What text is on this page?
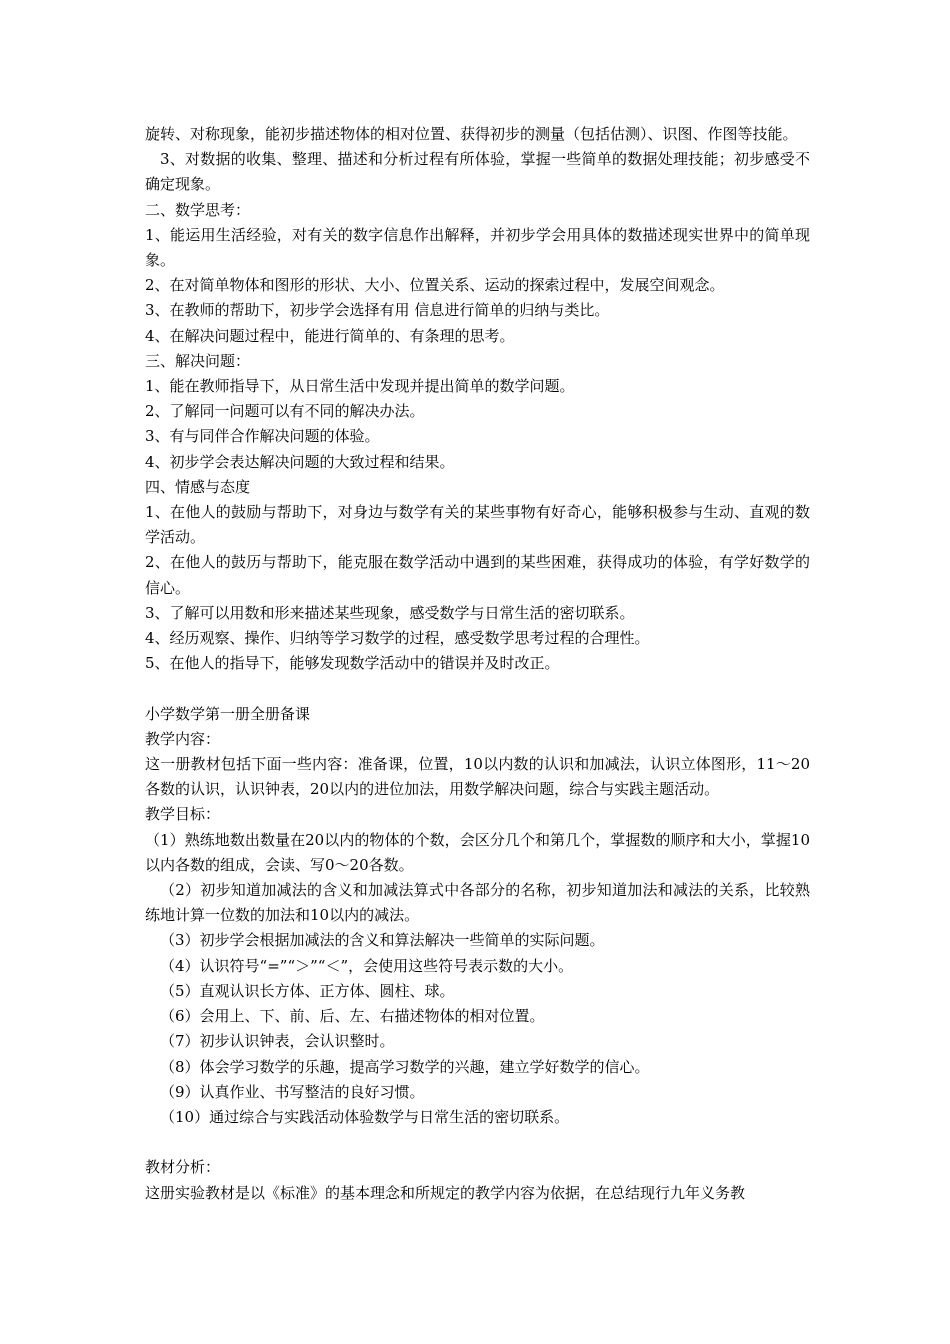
旋转、对称现象，能初步描述物体的相对位置、获得初步的测量（包括估测）、识图、作图等技能。

3、对数据的收集、整理、描述和分析过程有所体验，掌握一些简单的数据处理技能；初步感受不确定现象。

二、数学思考：

1、能运用生活经验，对有关的数字信息作出解释，并初步学会用具体的数描述现实世界中的简单现象。

2、在对简单物体和图形的形状、大小、位置关系、运动的探索过程中，发展空间观念。

3、在教师的帮助下，初步学会选择有用 信息进行简单的归纳与类比。

4、在解决问题过程中，能进行简单的、有条理的思考。

三、解决问题：

1、能在教师指导下，从日常生活中发现并提出简单的数学问题。

2、了解同一问题可以有不同的解决办法。

3、有与同伴合作解决问题的体验。

4、初步学会表达解决问题的大致过程和结果。

四、情感与态度

1、在他人的鼓励与帮助下，对身边与数学有关的某些事物有好奇心，能够积极参与生动、直观的数学活动。

2、在他人的鼓历与帮助下，能克服在数学活动中遇到的某些困难，获得成功的体验，有学好数学的信心。

3、了解可以用数和形来描述某些现象，感受数学与日常生活的密切联系。

4、经历观察、操作、归纳等学习数学的过程，感受数学思考过程的合理性。

5、在他人的指导下，能够发现数学活动中的错误并及时改正。

小学数学第一册全册备课

教学内容：

这一册教材包括下面一些内容：准备课，位置，10以内数的认识和加减法，认识立体图形，11～20各数的认识，认识钟表，20以内的进位加法，用数学解决问题，综合与实践主题活动。

教学目标：

（1）熟练地数出数量在20以内的物体的个数，会区分几个和第几个，掌握数的顺序和大小，掌握10以内各数的组成，会读、写0～20各数。

（2）初步知道加减法的含义和加减法算式中各部分的名称，初步知道加法和减法的关系，比较熟练地计算一位数的加法和10以内的减法。

（3）初步学会根据加减法的含义和算法解决一些简单的实际问题。

（4）认识符号“=”“＞”“＜”，会使用这些符号表示数的大小。

（5）直观认识长方体、正方体、圆柱、球。

（6）会用上、下、前、后、左、右描述物体的相对位置。

（7）初步认识钟表，会认识整时。

（8）体会学习数学的乐趣，提高学习数学的兴趣，建立学好数学的信心。

（9）认真作业、书写整洁的良好习惯。

（10）通过综合与实践活动体验数学与日常生活的密切联系。

教材分析：

这册实验教材是以《标准》的基本理念和所规定的教学内容为依据，在总结现行九年义务教
